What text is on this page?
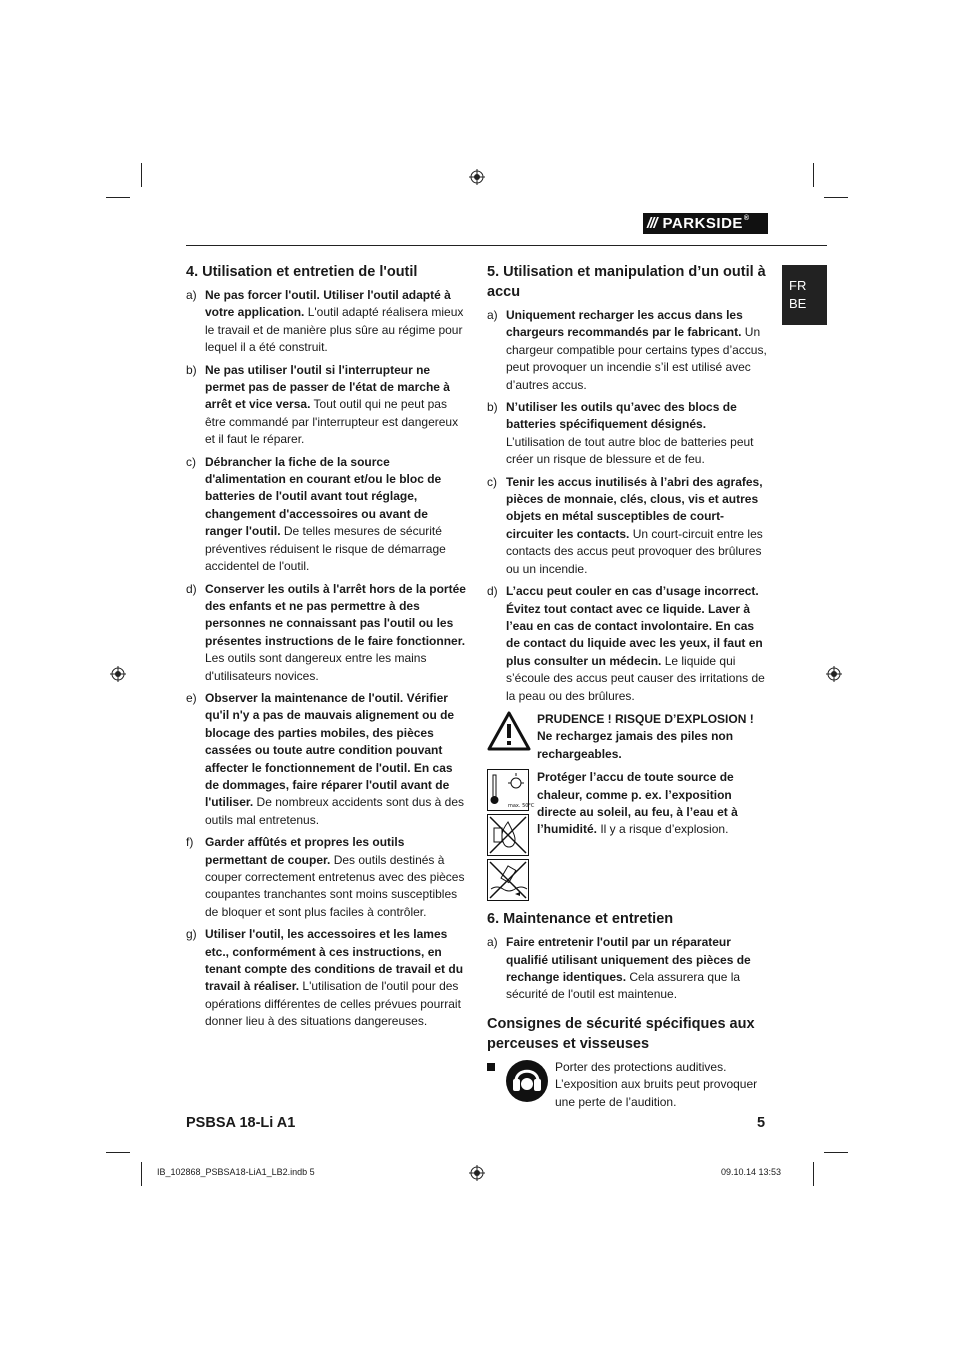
/// PARKSIDE ®
FR
BE
4. Utilisation et entretien de l'outil
a) Ne pas forcer l'outil. Utiliser l'outil adapté à votre application. L'outil adapté réalisera mieux le travail et de manière plus sûre au régime pour lequel il a été construit.
b) Ne pas utiliser l'outil si l'interrupteur ne permet pas de passer de l'état de marche à arrêt et vice versa. Tout outil qui ne peut pas être commandé par l'interrupteur est dangereux et il faut le réparer.
c) Débrancher la fiche de la source d'alimentation en courant et/ou le bloc de batteries de l'outil avant tout réglage, changement d'accessoires ou avant de ranger l'outil. De telles mesures de sécurité préventives réduisent le risque de démarrage accidentel de l'outil.
d) Conserver les outils à l'arrêt hors de la portée des enfants et ne pas permettre à des personnes ne connaissant pas l'outil ou les présentes instructions de le faire fonctionner. Les outils sont dangereux entre les mains d'utilisateurs novices.
e) Observer la maintenance de l'outil. Vérifier qu'il n'y a pas de mauvais alignement ou de blocage des parties mobiles, des pièces cassées ou toute autre condition pouvant affecter le fonctionnement de l'outil. En cas de dommages, faire réparer l'outil avant de l'utiliser. De nombreux accidents sont dus à des outils mal entretenus.
f) Garder affûtés et propres les outils permettant de couper. Des outils destinés à couper correctement entretenus avec des pièces coupantes tranchantes sont moins susceptibles de bloquer et sont plus faciles à contrôler.
g) Utiliser l'outil, les accessoires et les lames etc., conformément à ces instructions, en tenant compte des conditions de travail et du travail à réaliser. L'utilisation de l'outil pour des opérations différentes de celles prévues pourrait donner lieu à des situations dangereuses.
5. Utilisation et manipulation d’un outil à accu
a) Uniquement recharger les accus dans les chargeurs recommandés par le fabricant. Un chargeur compatible pour certains types d’accus, peut provoquer un incendie s’il est utilisé avec d’autres accus.
b) N’utiliser les outils qu’avec des blocs de batteries spécifiquement désignés. L’utilisation de tout autre bloc de batteries peut créer un risque de blessure et de feu.
c) Tenir les accus inutilisés à l’abri des agrafes, pièces de monnaie, clés, clous, vis et autres objets en métal susceptibles de court-circuiter les contacts. Un court-circuit entre les contacts des accus peut provoquer des brûlures ou un incendie.
d) L’accu peut couler en cas d’usage incorrect. Évitez tout contact avec ce liquide. Laver à l’eau en cas de contact involontaire. En cas de contact du liquide avec les yeux, il faut en plus consulter un médecin. Le liquide qui s’écoule des accus peut causer des irritations de la peau ou des brûlures.
PRUDENCE ! RISQUE D’EXPLOSION ! Ne rechargez jamais des piles non rechargeables.
max. 50°C
Protéger l’accu de toute source de chaleur, comme p. ex. l’exposition directe au soleil, au feu, à l’eau et à l’humidité. Il y a risque d’explosion.
6. Maintenance et entretien
a) Faire entretenir l'outil par un réparateur qualifié utilisant uniquement des pièces de rechange identiques. Cela assurera que la sécurité de l'outil est maintenue.
Consignes de sécurité spécifiques aux perceuses et visseuses
Porter des protections auditives.
L’exposition aux bruits peut provoquer une perte de l’audition.
PSBSA 18-Li A1	5
IB_102868_PSBSA18-LiA1_LB2.indb 5	09.10.14 13:53
